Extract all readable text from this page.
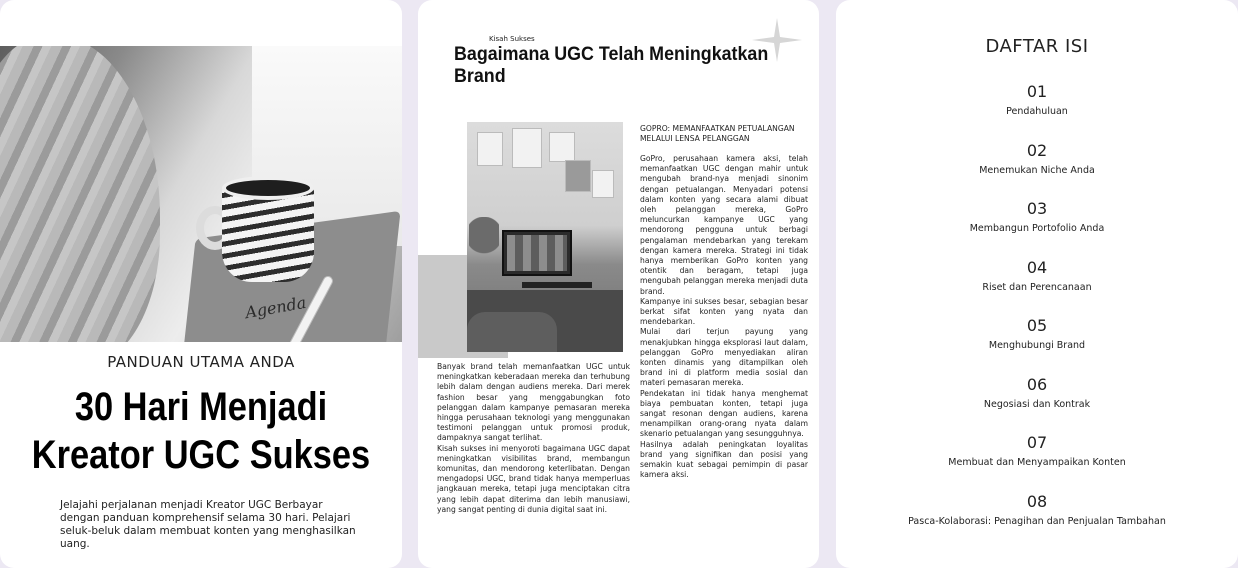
Agenda
PANDUAN UTAMA ANDA
30 Hari Menjadi
Kreator UGC Sukses
Jelajahi perjalanan menjadi Kreator UGC Berbayar dengan panduan komprehensif selama 30 hari. Pelajari seluk-beluk dalam membuat konten yang menghasilkan uang.
Kisah Sukses
Bagaimana UGC Telah Meningkatkan Brand
GOPRO: MEMANFAATKAN PETUALANGAN MELALUI LENSA PELANGGAN

GoPro, perusahaan kamera aksi, telah memanfaatkan UGC dengan mahir untuk mengubah brand-nya menjadi sinonim dengan petualangan. Menyadari potensi dalam konten yang secara alami dibuat oleh pelanggan mereka, GoPro meluncurkan kampanye UGC yang mendorong pengguna untuk berbagi pengalaman mendebarkan yang terekam dengan kamera mereka. Strategi ini tidak hanya memberikan GoPro konten yang otentik dan beragam, tetapi juga mengubah pelanggan mereka menjadi duta brand.

Kampanye ini sukses besar, sebagian besar berkat sifat konten yang nyata dan mendebarkan.

Mulai dari terjun payung yang menakjubkan hingga eksplorasi laut dalam, pelanggan GoPro menyediakan aliran konten dinamis yang ditampilkan oleh brand ini di platform media sosial dan materi pemasaran mereka.

Pendekatan ini tidak hanya menghemat biaya pembuatan konten, tetapi juga sangat resonan dengan audiens, karena menampilkan orang-orang nyata dalam skenario petualangan yang sesungguhnya.

Hasilnya adalah peningkatan loyalitas brand yang signifikan dan posisi yang semakin kuat sebagai pemimpin di pasar kamera aksi.

Banyak brand telah memanfaatkan UGC untuk meningkatkan keberadaan mereka dan terhubung lebih dalam dengan audiens mereka. Dari merek fashion besar yang menggabungkan foto pelanggan dalam kampanye pemasaran mereka hingga perusahaan teknologi yang menggunakan testimoni pelanggan untuk promosi produk, dampaknya sangat terlihat.

Kisah sukses ini menyoroti bagaimana UGC dapat meningkatkan visibilitas brand, membangun komunitas, dan mendorong keterlibatan. Dengan mengadopsi UGC, brand tidak hanya memperluas jangkauan mereka, tetapi juga menciptakan citra yang lebih dapat diterima dan lebih manusiawi, yang sangat penting di dunia digital saat ini.

DAFTAR ISI
01
Pendahuluan
02
Menemukan Niche Anda
03
Membangun Portofolio Anda
04
Riset dan Perencanaan
05
Menghubungi Brand
06
Negosiasi dan Kontrak
07
Membuat dan Menyampaikan Konten
08
Pasca-Kolaborasi: Penagihan dan Penjualan Tambahan
